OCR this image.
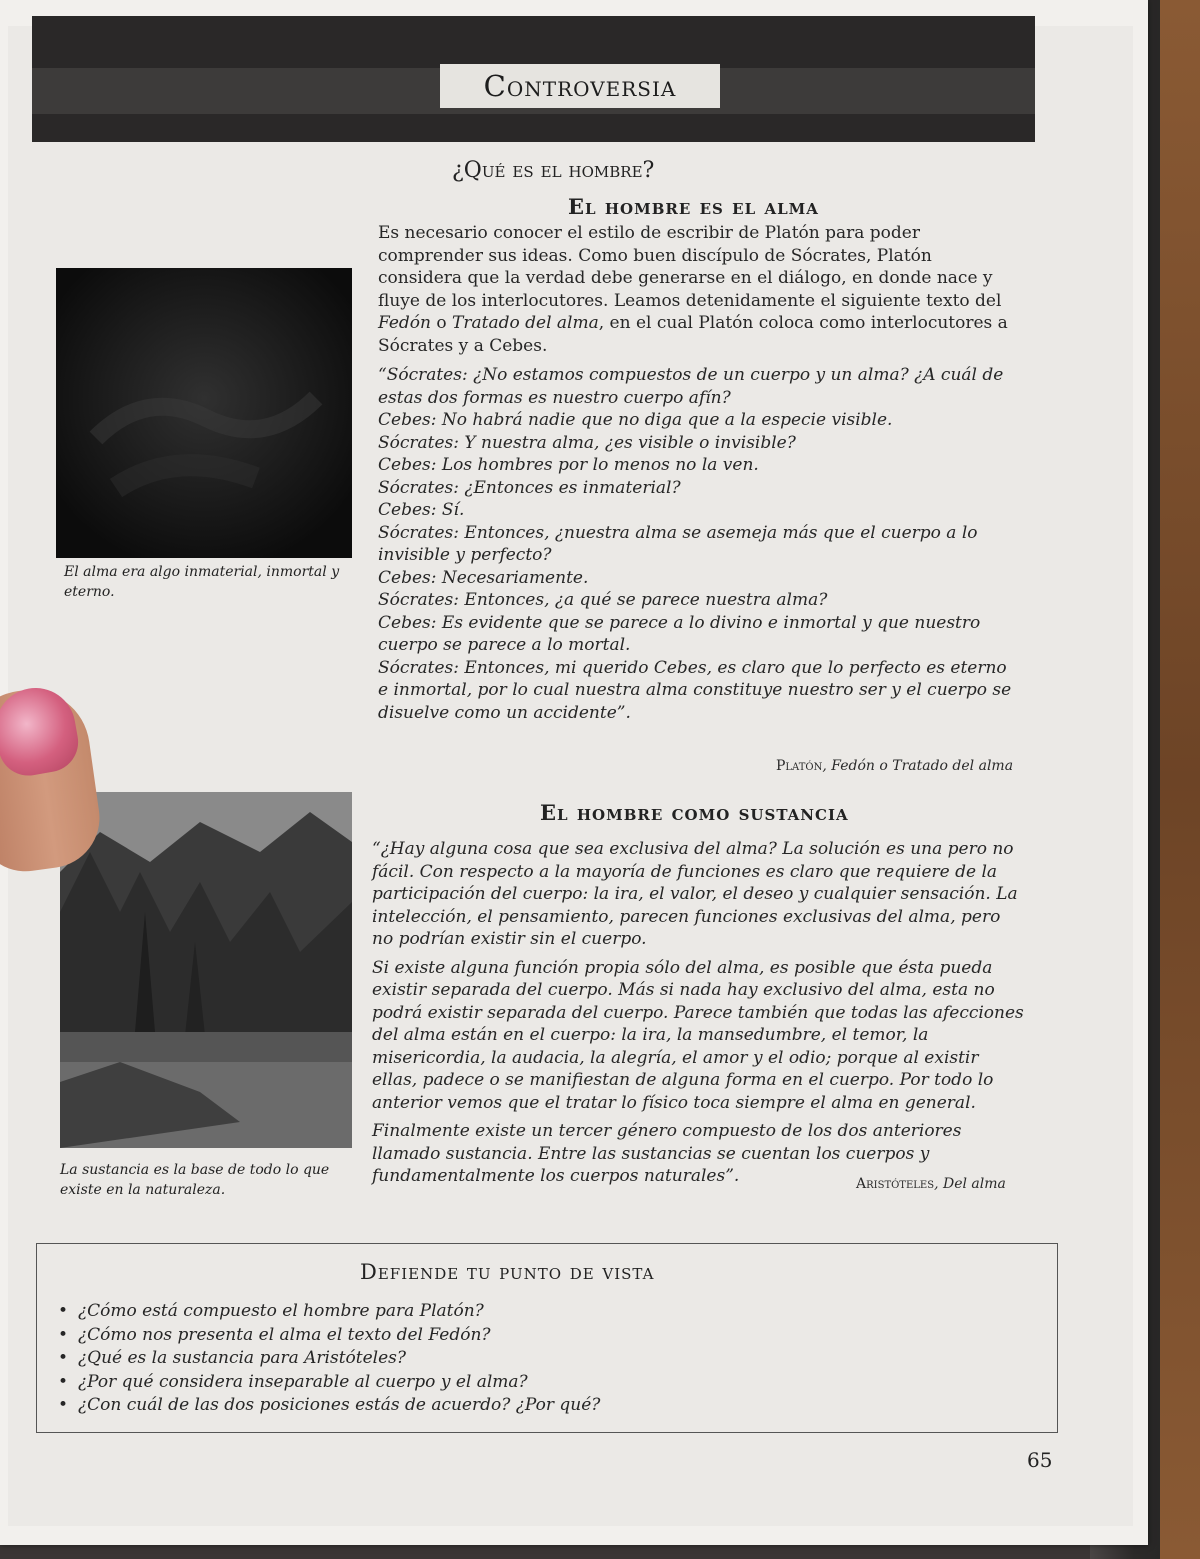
Controversia
¿Qué es el hombre?
El hombre es el alma

Es necesario conocer el estilo de escribir de Platón para poder comprender sus ideas. Como buen discípulo de Sócrates, Platón considera que la verdad debe generarse en el diálogo, en donde nace y fluye de los interlocutores. Leamos detenidamente el siguiente texto del Fedón o Tratado del alma, en el cual Platón coloca como interlocutores a Sócrates y a Cebes.

“Sócrates: ¿No estamos compuestos de un cuerpo y un alma? ¿A cuál de estas dos formas es nuestro cuerpo afín?
Cebes: No habrá nadie que no diga que a la especie visible.
Sócrates: Y nuestra alma, ¿es visible o invisible?
Cebes: Los hombres por lo menos no la ven.
Sócrates: ¿Entonces es inmaterial?
Cebes: Sí.
Sócrates: Entonces, ¿nuestra alma se asemeja más que el cuerpo a lo invisible y perfecto?
Cebes: Necesariamente.
Sócrates: Entonces, ¿a qué se parece nuestra alma?
Cebes: Es evidente que se parece a lo divino e inmortal y que nuestro cuerpo se parece a lo mortal.
Sócrates: Entonces, mi querido Cebes, es claro que lo perfecto es eterno e inmortal, por lo cual nuestra alma constituye nuestro ser y el cuerpo se disuelve como un accidente”.
Platón, Fedón o Tratado del alma
El alma era algo inmaterial, inmortal y eterno.
El hombre como sustancia

“¿Hay alguna cosa que sea exclusiva del alma? La solución es una pero no fácil. Con respecto a la mayoría de funciones es claro que requiere de la participación del cuerpo: la ira, el valor, el deseo y cualquier sensación. La intelección, el pensamiento, parecen funciones exclusivas del alma, pero no podrían existir sin el cuerpo.

Si existe alguna función propia sólo del alma, es posible que ésta pueda existir separada del cuerpo. Más si nada hay exclusivo del alma, esta no podrá existir separada del cuerpo. Parece también que todas las afecciones del alma están en el cuerpo: la ira, la mansedumbre, el temor, la misericordia, la audacia, la alegría, el amor y el odio; porque al existir ellas, padece o se manifiestan de alguna forma en el cuerpo. Por todo lo anterior vemos que el tratar lo físico toca siempre el alma en general.

Finalmente existe un tercer género compuesto de los dos anteriores llamado sustancia. Entre las sustancias se cuentan los cuerpos y fundamentalmente los cuerpos naturales”.	Aristóteles, Del alma
La sustancia es la base de todo lo que existe en la naturaleza.
Defiende tu punto de vista
• ¿Cómo está compuesto el hombre para Platón?
• ¿Cómo nos presenta el alma el texto del Fedón?
• ¿Qué es la sustancia para Aristóteles?
• ¿Por qué considera inseparable al cuerpo y el alma?
• ¿Con cuál de las dos posiciones estás de acuerdo? ¿Por qué?
65
